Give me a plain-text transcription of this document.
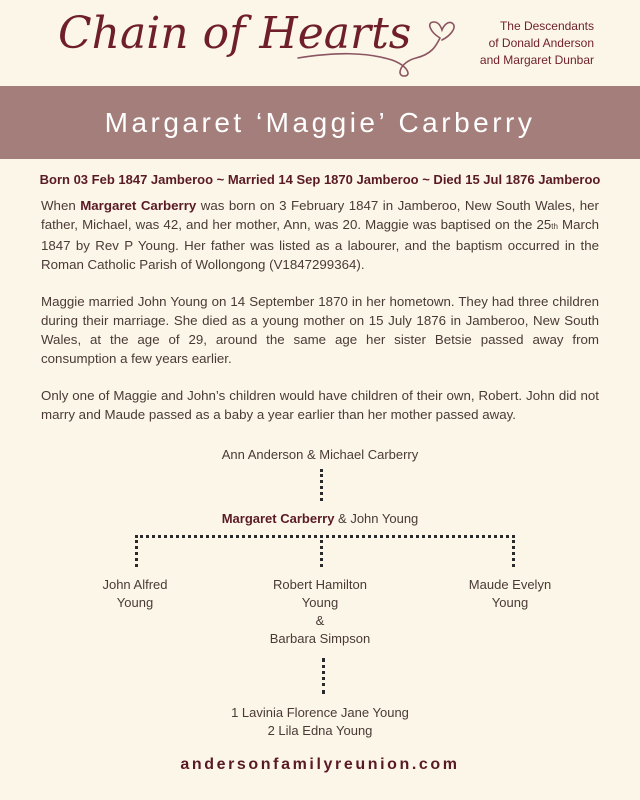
Chain of Hearts	The Descendants
of Donald Anderson
and Margaret Dunbar
Margaret ‘Maggie’ Carberry
Born 03 Feb 1847 Jamberoo ~ Married 14 Sep 1870 Jamberoo ~ Died 15 Jul 1876 Jamberoo

When Margaret Carberry was born on 3 February 1847 in Jamberoo, New South Wales, her father, Michael, was 42, and her mother, Ann, was 20. Maggie was baptised on the 25th March 1847 by Rev P Young. Her father was listed as a labourer, and the baptism occurred in the Roman Catholic Parish of Wollongong (V1847299364).

Maggie married John Young on 14 September 1870 in her hometown. They had three children during their marriage. She died as a young mother on 15 July 1876 in Jamberoo, New South Wales, at the age of 29, around the same age her sister Betsie passed away from consumption a few years earlier.

Only one of Maggie and John’s children would have children of their own, Robert. John did not marry and Maude passed as a baby a year earlier than her mother passed away.

Ann Anderson & Michael Carberry
Margaret Carberry & John Young
John Alfred
Young
Robert Hamilton
Young
&
Barbara Simpson
Maude Evelyn
Young
1 Lavinia Florence Jane Young
2 Lila Edna Young
andersonfamilyreunion.com
